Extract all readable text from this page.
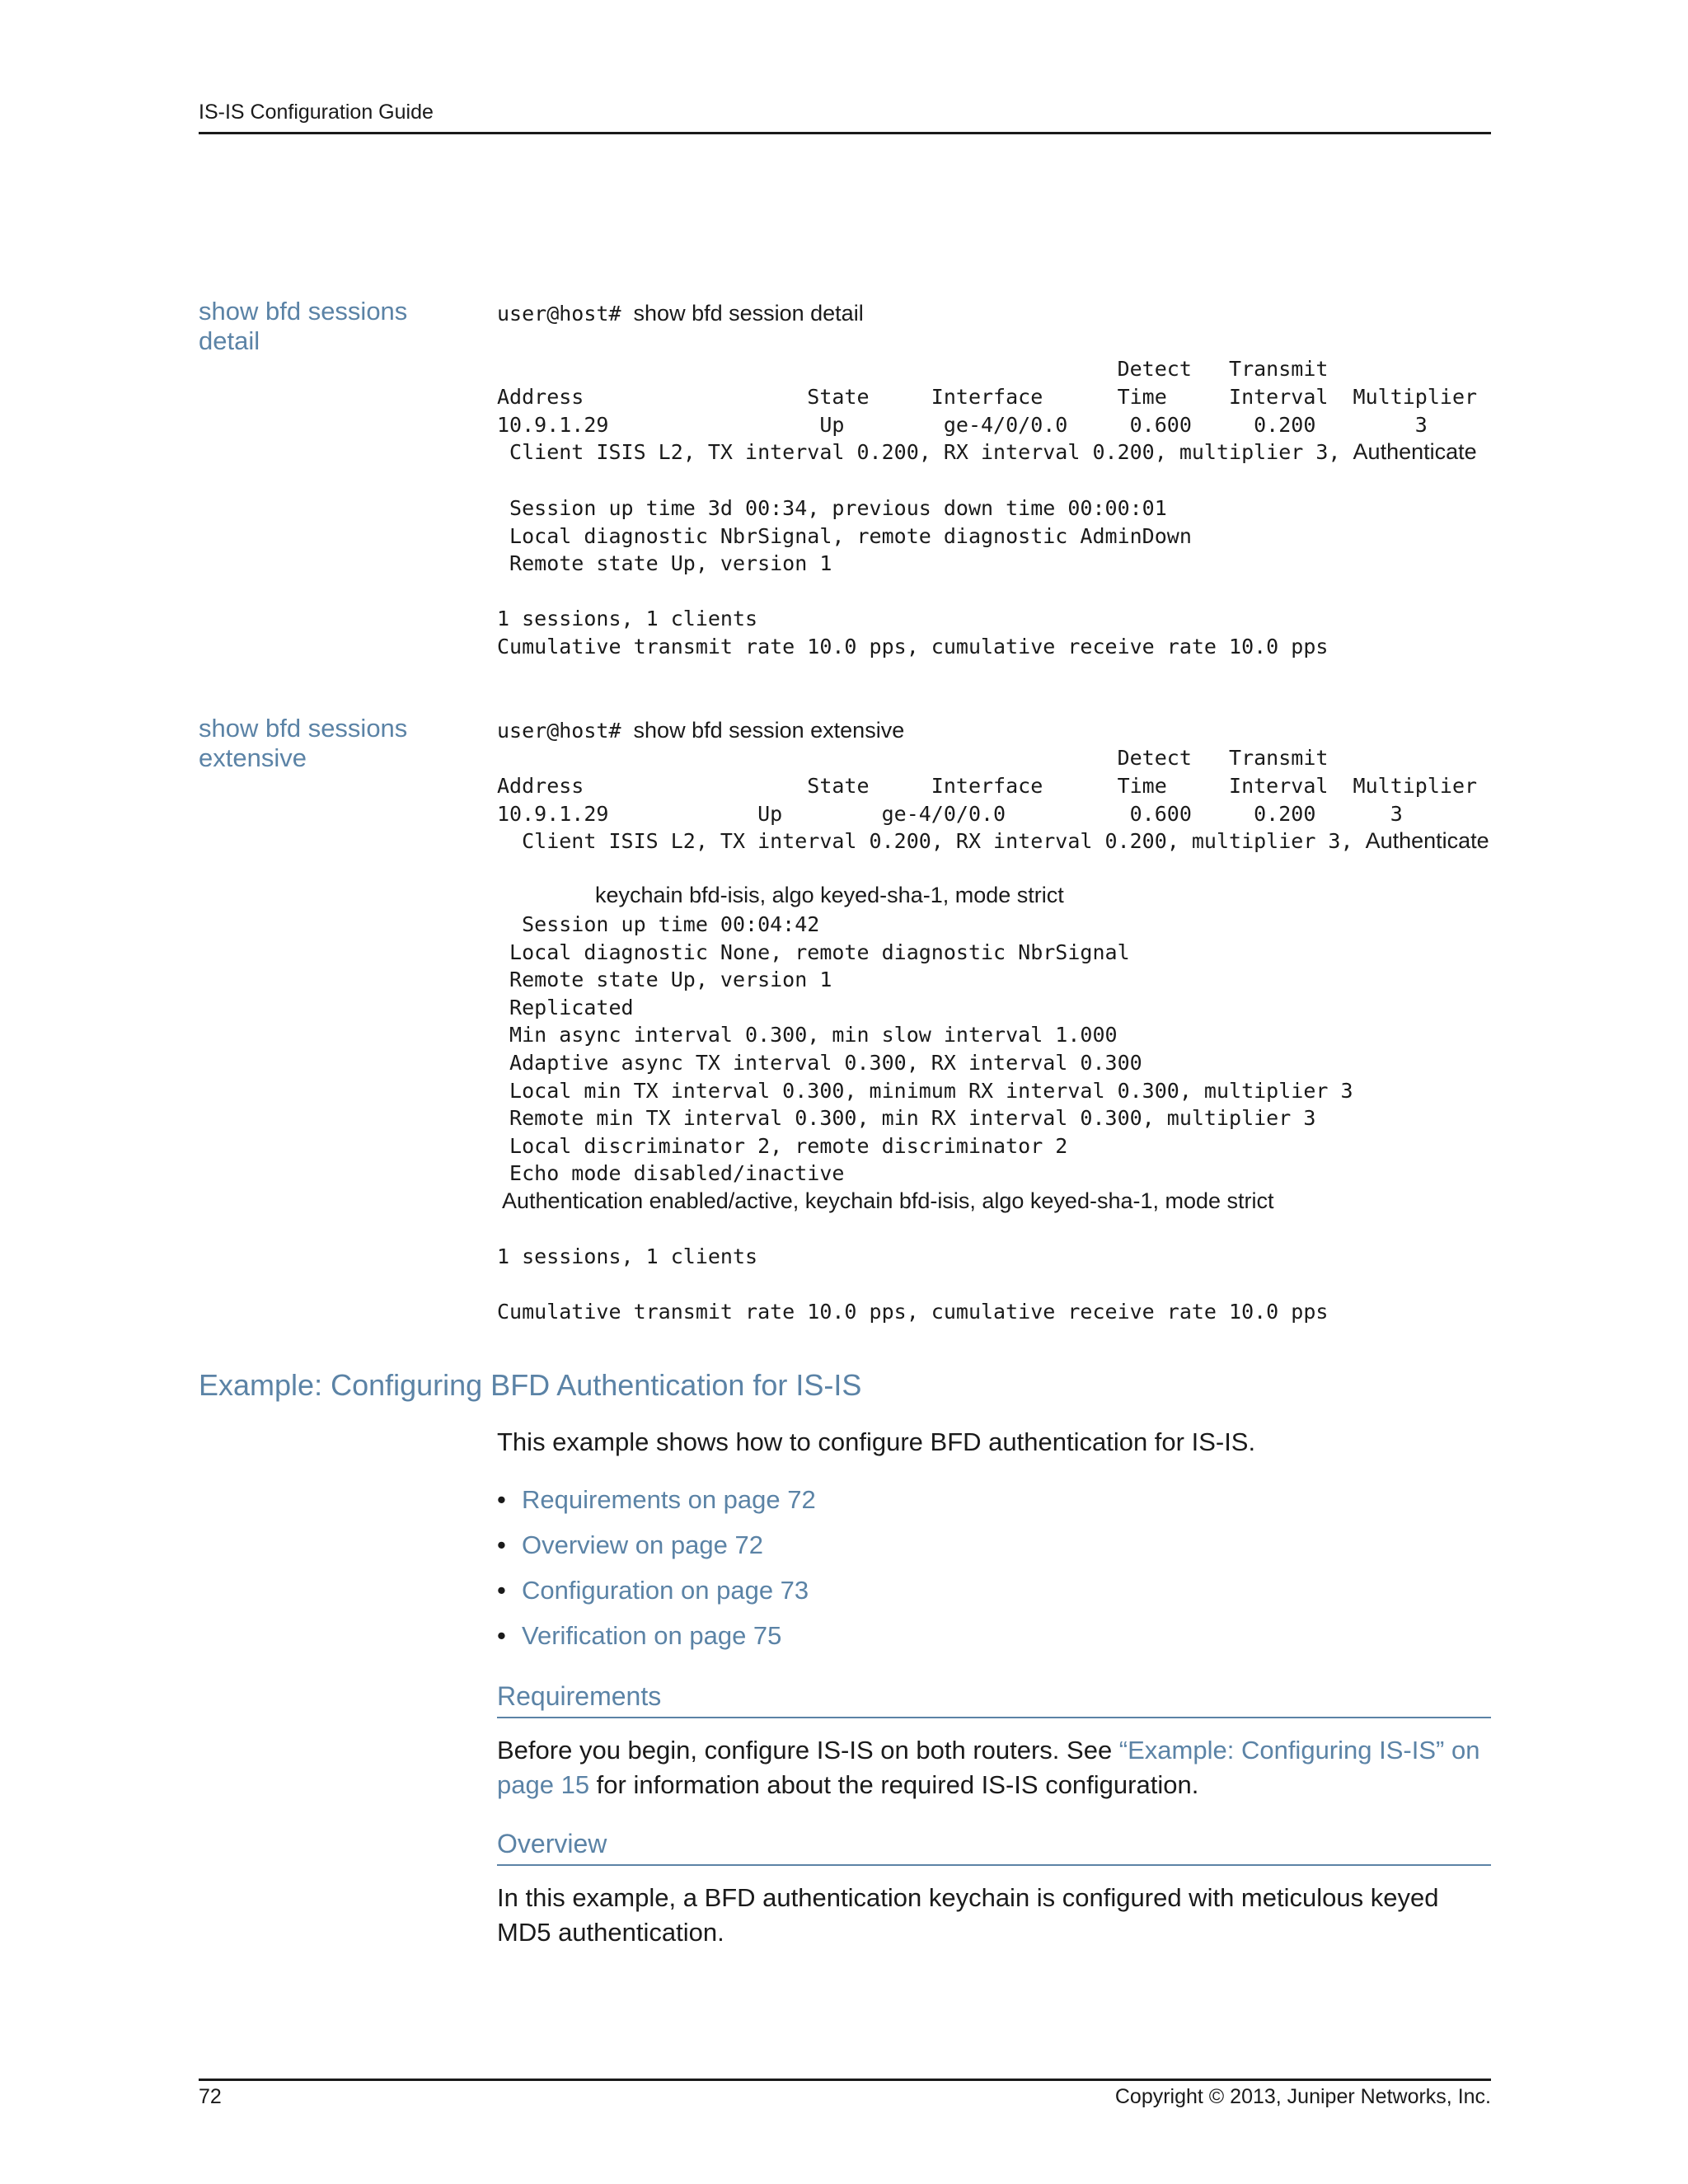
IS-IS Configuration Guide
show bfd sessions detail
user@host# show bfd session detail
Detect   Transmit
Address                  State     Interface      Time     Interval  Multiplier
10.9.1.29                 Up        ge-4/0/0.0     0.600     0.200        3
Client ISIS L2, TX interval 0.200, RX interval 0.200, multiplier 3, Authenticate
Session up time 3d 00:34, previous down time 00:00:01
Local diagnostic NbrSignal, remote diagnostic AdminDown
Remote state Up, version 1
1 sessions, 1 clients
Cumulative transmit rate 10.0 pps, cumulative receive rate 10.0 pps
show bfd sessions extensive
user@host# show bfd session extensive
Detect   Transmit
Address                  State     Interface      Time     Interval  Multiplier
10.9.1.29            Up        ge-4/0/0.0          0.600     0.200      3
Client ISIS L2, TX interval 0.200, RX interval 0.200, multiplier 3, Authenticate
keychain bfd-isis, algo keyed-sha-1, mode strict
Session up time 00:04:42
Local diagnostic None, remote diagnostic NbrSignal
Remote state Up, version 1
Replicated
Min async interval 0.300, min slow interval 1.000
Adaptive async TX interval 0.300, RX interval 0.300
Local min TX interval 0.300, minimum RX interval 0.300, multiplier 3
Remote min TX interval 0.300, min RX interval 0.300, multiplier 3
Local discriminator 2, remote discriminator 2
Echo mode disabled/inactive
Authentication enabled/active, keychain bfd-isis, algo keyed-sha-1, mode strict
1 sessions, 1 clients
Cumulative transmit rate 10.0 pps, cumulative receive rate 10.0 pps
Example: Configuring BFD Authentication for IS-IS
This example shows how to configure BFD authentication for IS-IS.
• Requirements on page 72
• Overview on page 72
• Configuration on page 73
• Verification on page 75
Requirements
Before you begin, configure IS-IS on both routers. See “Example: Configuring IS-IS” on page 15 for information about the required IS-IS configuration.
Overview
In this example, a BFD authentication keychain is configured with meticulous keyed MD5 authentication.
72	Copyright © 2013, Juniper Networks, Inc.
